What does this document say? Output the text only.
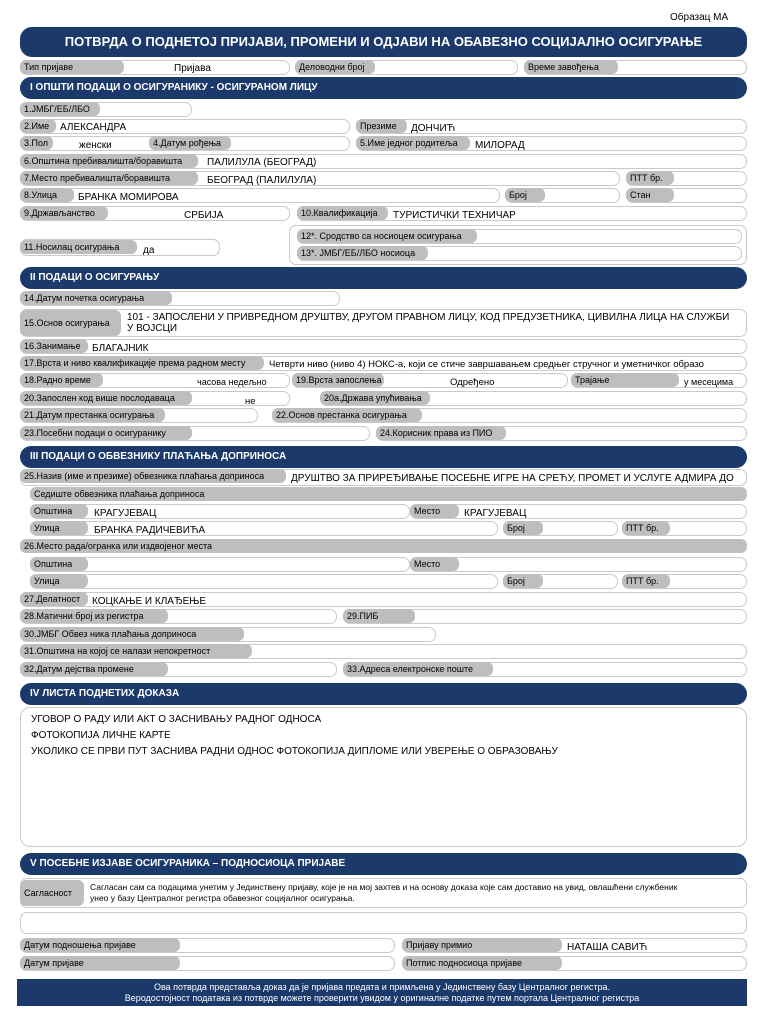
Образац МА
ПОТВРДА О ПОДНЕТОЈ ПРИЈАВИ, ПРОМЕНИ И ОДЈАВИ НА ОБАВЕЗНО СОЦИЈАЛНО ОСИГУРАЊЕ
Тип пријаве	Пријава	Деловодни број	Време завођења
I ОПШТИ ПОДАЦИ О ОСИГУРАНИКУ - ОСИГУРАНОМ ЛИЦУ
1.ЈМБГ/ЕБ/ЛБО
2.Име	АЛЕКСАНДРА	Презиме	ДОНЧИЋ
3.Пол	женски	4.Датум рођења	5.Име једног родитеља	МИЛОРАД
6.Општина пребивалишта/боравишта	ПАЛИЛУЛА (БЕОГРАД)
7.Место пребивалишта/боравишта	БЕОГРАД (ПАЛИЛУЛА)	ПТТ бр.
8.Улица	БРАНКА МОМИРОВА	Број	Стан
9.Држављанство	СРБИЈА	10.Квалификација	ТУРИСТИЧКИ ТЕХНИЧАР
11.Носилац осигурања	да
12*. Сродство са носиоцем осигурања
13*. ЈМБГ/ЕБ/ЛБО носиоца
II ПОДАЦИ О ОСИГУРАЊУ
14.Датум почетка осигурања
15.Основ осигурања	101 - ЗАПОСЛЕНИ У ПРИВРЕДНОМ ДРУШТВУ, ДРУГОМ ПРАВНОМ ЛИЦУ, КОД ПРЕДУЗЕТНИКА, ЦИВИЛНА ЛИЦА НА СЛУЖБИ У ВОЈСЦИ
16.Занимање	БЛАГАЈНИК
17.Врста и ниво квалификације према радном месту	Четврти ниво (ниво 4) НОКС-а, који се стиче завршавањем средњег стручног и уметничког образо
18.Радно време	часова недељно	19.Врста запослења	Одређено	Трајање	у месецима
20.Запослен код више послодаваца	не	20а.Држава упућивања
21.Датум престанка осигурања	22.Основ престанка осигурања
23.Посебни подаци о осигуранику	24.Корисник права из ПИО
III ПОДАЦИ О ОБВЕЗНИКУ ПЛАЋАЊА ДОПРИНОСА
25.Назив (име и презиме) обвезника плаћања доприноса	ДРУШТВО ЗА ПРИРЕЂИВАЊЕ ПОСЕБНЕ ИГРЕ НА СРЕЋУ, ПРОМЕТ И УСЛУГЕ АДМИРА ДО
Седиште обвезника плаћања доприноса
Општина	КРАГУЈЕВАЦ	Место	КРАГУЈЕВАЦ
Улица	БРАНКА РАДИЧЕВИЋА	Број	ПТТ бр.
26.Место рада/огранка или издвојеног места
Општина	Место
Улица	Број	ПТТ бр.
27.Делатност	КОЦКАЊЕ И КЛАЂЕЊЕ
28.Матични број из регистра	29.ПИБ
30.ЈМБГ Обвез ника плаћања доприноса
31.Општина на којој се налази непокретност
32.Датум дејства промене	33.Адреса електронске поште
IV ЛИСТА ПОДНЕТИХ ДОКАЗА
УГОВОР О РАДУ ИЛИ АКТ О ЗАСНИВАЊУ РАДНОГ ОДНОСА
ФОТОКОПИЈА ЛИЧНЕ КАРТЕ
УКОЛИКО СЕ ПРВИ ПУТ ЗАСНИВА РАДНИ ОДНОС ФОТОКОПИЈА ДИПЛОМЕ ИЛИ УВЕРЕЊЕ О ОБРАЗОВАЊУ
V ПОСЕБНЕ ИЗЈАВЕ ОСИГУРАНИКА – ПОДНОСИОЦА ПРИЈАВЕ
Сагласност
Сагласан сам са подацима унетим у Јединствену пријаву, које је на мој захтев и на основу доказа које сам доставио на увид, овлашћени службеник унео у базу Централног регистра обавезног социјалног осигурања.
Датум подношења пријаве	Пријаву примио	НАТАША САВИЋ
Датум пријаве	Потпис подносиоца пријаве
Ова потврда представља доказ да је пријава предата и примљена у Јединствену базу Централног регистра.
Веродостојност података из потврде можете проверити увидом у оригиналне податке путем портала Централног регистра
